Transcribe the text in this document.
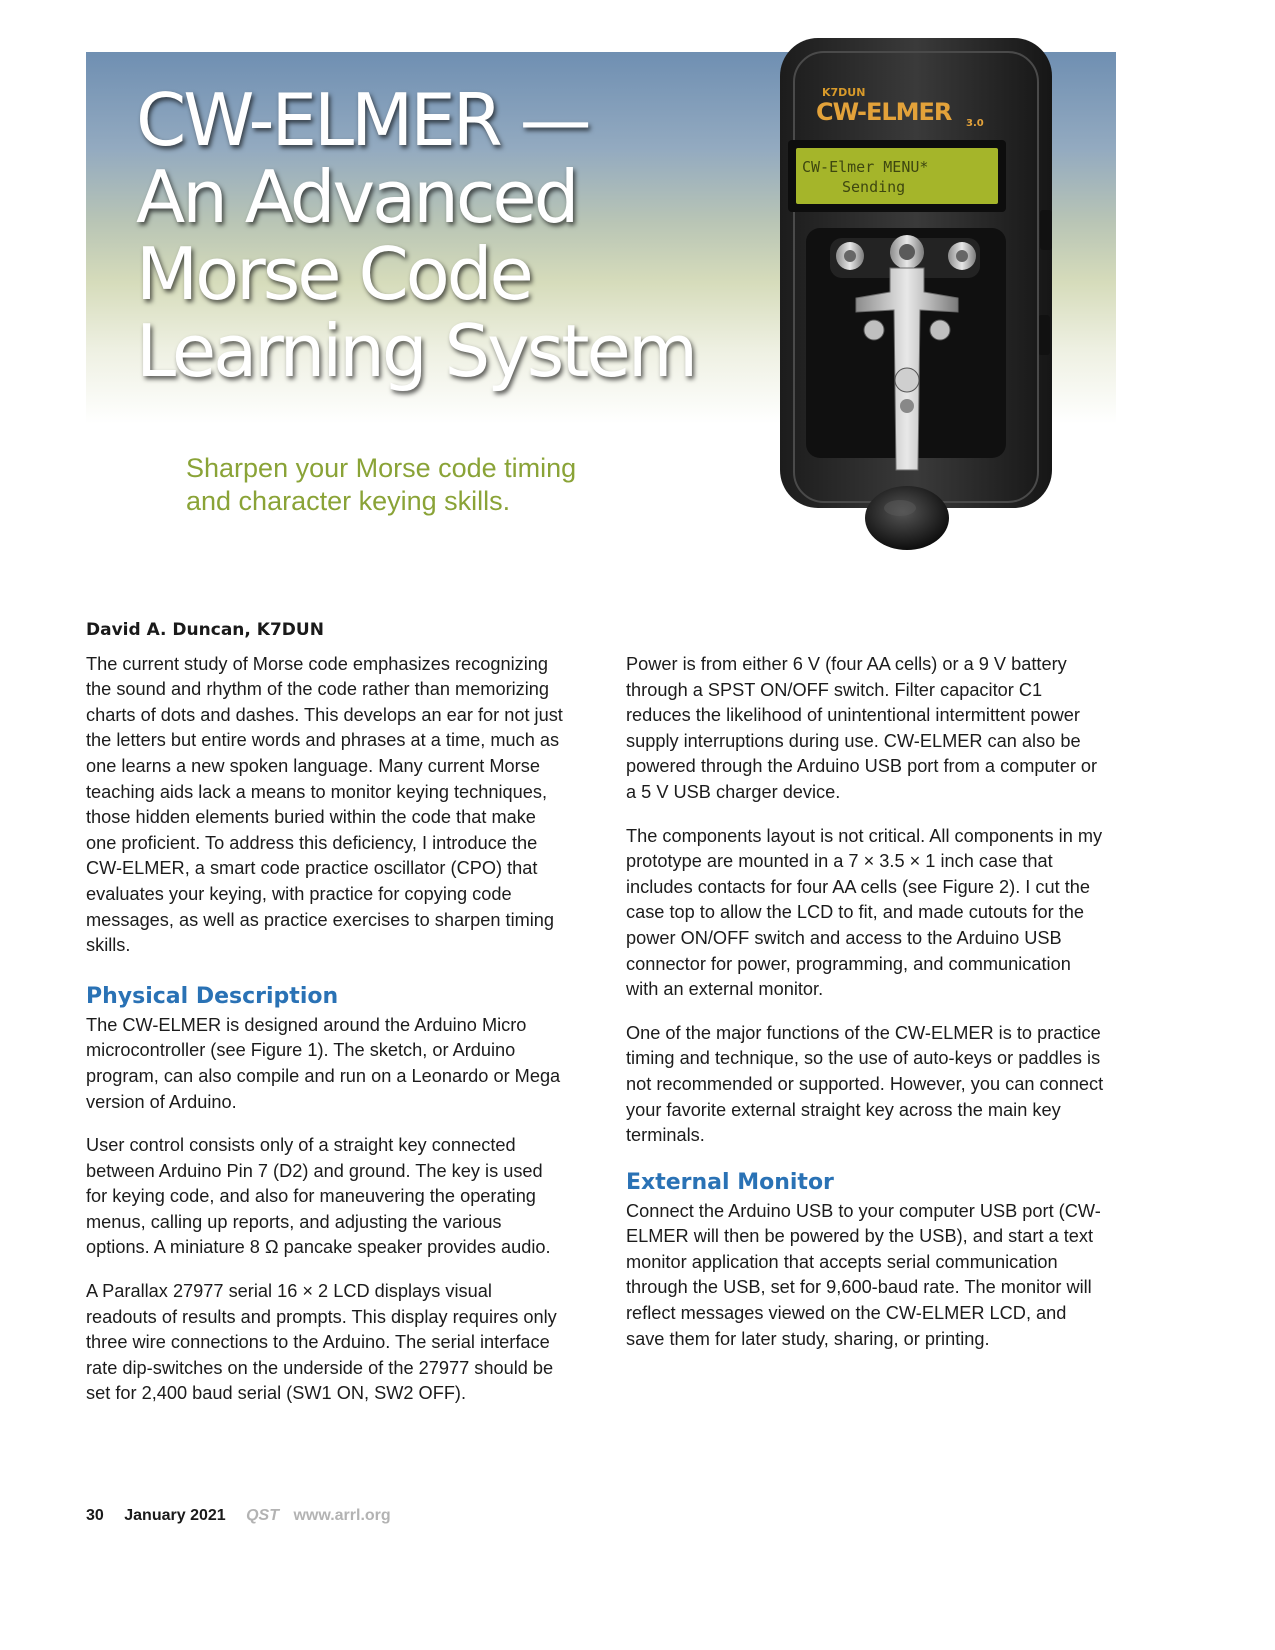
CW-ELMER —
An Advanced
Morse Code
Learning System
Sharpen your Morse code timing
and character keying skills.
K7DUN
CW-ELMER 3.0
CW-Elmer MENU*
Sending
David A. Duncan, K7DUN

The current study of Morse code emphasizes recognizing the sound and rhythm of the code rather than memorizing charts of dots and dashes. This develops an ear for not just the letters but entire words and phrases at a time, much as one learns a new spoken language. Many current Morse teaching aids lack a means to monitor keying techniques, those hidden elements buried within the code that make one proficient. To address this deficiency, I introduce the CW-ELMER, a smart code practice oscillator (CPO) that evaluates your keying, with practice for copying code messages, as well as practice exercises to sharpen timing skills.

Physical Description

The CW-ELMER is designed around the Arduino Micro microcontroller (see Figure 1). The sketch, or Arduino program, can also compile and run on a Leonardo or Mega version of Arduino.

User control consists only of a straight key connected between Arduino Pin 7 (D2) and ground. The key is used for keying code, and also for maneuvering the operating menus, calling up reports, and adjusting the various options. A miniature 8 Ω pancake speaker provides audio.

A Parallax 27977 serial 16 × 2 LCD displays visual readouts of results and prompts. This display requires only three wire connections to the Arduino. The serial interface rate dip-switches on the underside of the 27977 should be set for 2,400 baud serial (SW1 ON, SW2 OFF).

Power is from either 6 V (four AA cells) or a 9 V battery through a SPST ON/OFF switch. Filter capacitor C1 reduces the likelihood of unintentional intermittent power supply interruptions during use. CW-ELMER can also be powered through the Arduino USB port from a computer or a 5 V USB charger device.

The components layout is not critical. All components in my prototype are mounted in a 7 × 3.5 × 1 inch case that includes contacts for four AA cells (see Figure 2). I cut the case top to allow the LCD to fit, and made cutouts for the power ON/OFF switch and access to the Arduino USB connector for power, programming, and communication with an external monitor.

One of the major functions of the CW-ELMER is to practice timing and technique, so the use of auto-keys or paddles is not recommended or supported. However, you can connect your favorite external straight key across the main key terminals.

External Monitor

Connect the Arduino USB to your computer USB port (CW-ELMER will then be powered by the USB), and start a text monitor application that accepts serial communication through the USB, set for 9,600-baud rate. The monitor will reflect messages viewed on the CW-ELMER LCD, and save them for later study, sharing, or printing.

30 January 2021 QST www.arrl.org
